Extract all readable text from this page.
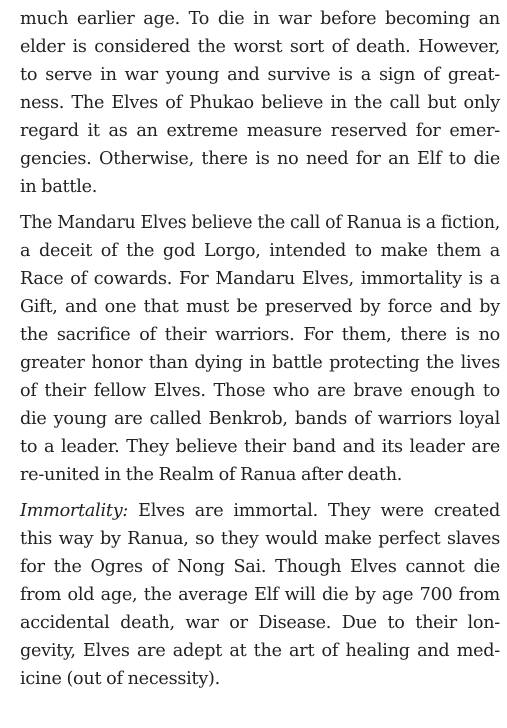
much earlier age. To die in war before becoming an
elder is considered the worst sort of death. However,
to serve in war young and survive is a sign of great-
ness. The Elves of Phukao believe in the call but only
regard it as an extreme measure reserved for emer-
gencies. Otherwise, there is no need for an Elf to die
in battle.
The Mandaru Elves believe the call of Ranua is a fiction,
a deceit of the god Lorgo, intended to make them a
Race of cowards. For Mandaru Elves, immortality is a
Gift, and one that must be preserved by force and by
the sacrifice of their warriors. For them, there is no
greater honor than dying in battle protecting the lives
of their fellow Elves. Those who are brave enough to
die young are called Benkrob, bands of warriors loyal
to a leader. They believe their band and its leader are
re-united in the Realm of Ranua after death.
Immortality: Elves are immortal. They were created
this way by Ranua, so they would make perfect slaves
for the Ogres of Nong Sai. Though Elves cannot die
from old age, the average Elf will die by age 700 from
accidental death, war or Disease. Due to their lon-
gevity, Elves are adept at the art of healing and med-
icine (out of necessity).
